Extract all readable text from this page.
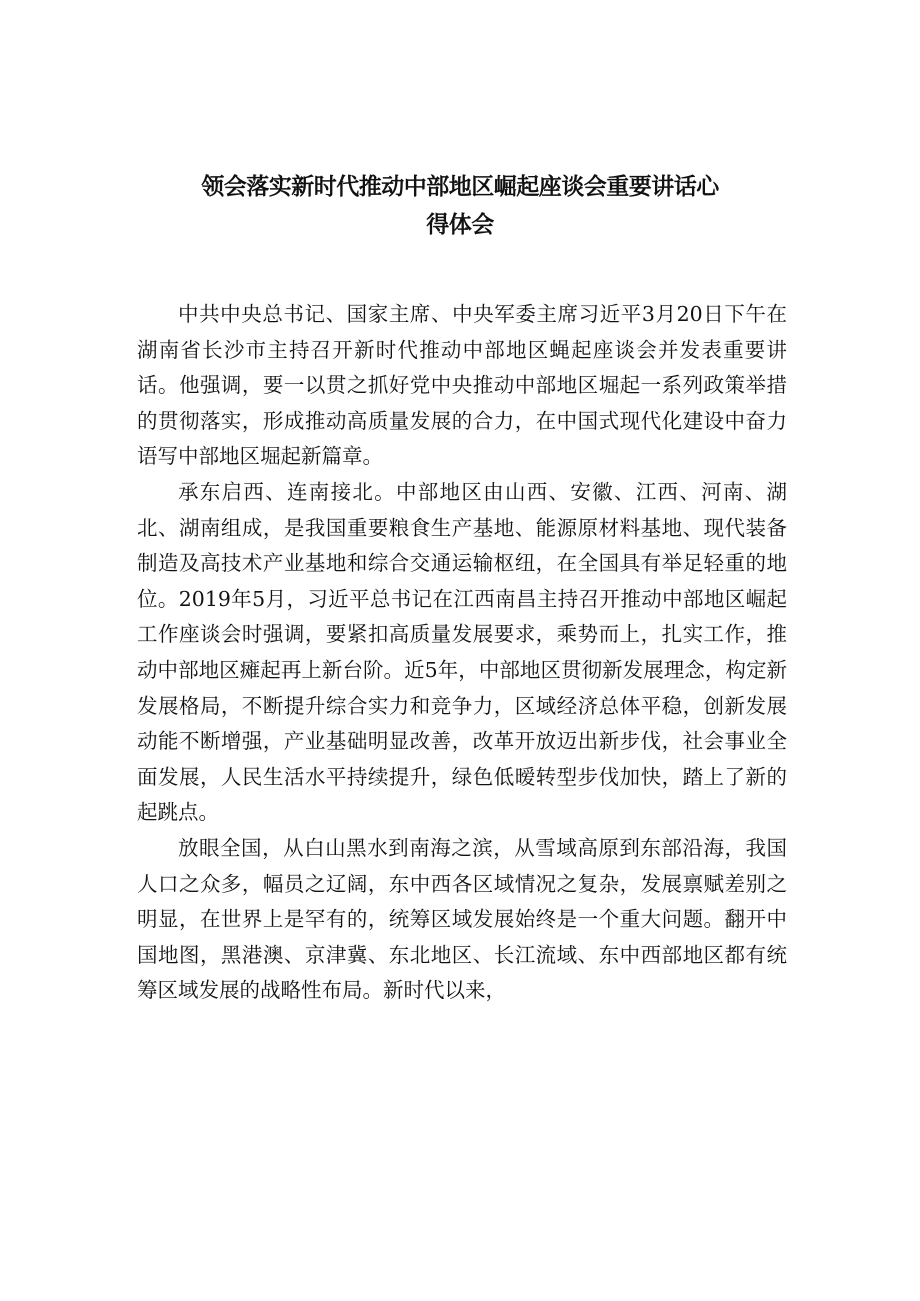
领会落实新时代推动中部地区崛起座谈会重要讲话心
得体会

中共中央总书记、国家主席、中央军委主席习近平3月20日下午在湖南省长沙市主持召开新时代推动中部地区蝇起座谈会并发表重要讲话。他强调，要一以贯之抓好党中央推动中部地区堀起一系列政策举措的贯彻落实，形成推动高质量发展的合力，在中国式现代化建设中奋力语写中部地区堀起新篇章。

承东启西、连南接北。中部地区由山西、安徽、江西、河南、湖北、湖南组成，是我国重要粮食生产基地、能源原材料基地、现代装备制造及高技术产业基地和综合交通运输枢纽，在全国具有举足轻重的地位。2019年5月，习近平总书记在江西南昌主持召开推动中部地区崛起工作座谈会时强调，要紧扣高质量发展要求，乘势而上，扎实工作，推动中部地区瘫起再上新台阶。近5年，中部地区贯彻新发展理念，构定新发展格局，不断提升综合实力和竞争力，区域经济总体平稳，创新发展动能不断增强，产业基础明显改善，改革开放迈出新步伐，社会事业全面发展，人民生活水平持续提升，绿色低暧转型步伐加快，踏上了新的起跳点。

放眼全国，从白山黑水到南海之滨，从雪域高原到东部沿海，我国人口之众多，幅员之辽阔，东中西各区域情况之复杂，发展禀赋差别之明显，在世界上是罕有的，统筹区域发展始终是一个重大问题。翻开中国地图，黑港澳、京津冀、东北地区、长江流域、东中西部地区都有统筹区域发展的战略性布局。新时代以来，
